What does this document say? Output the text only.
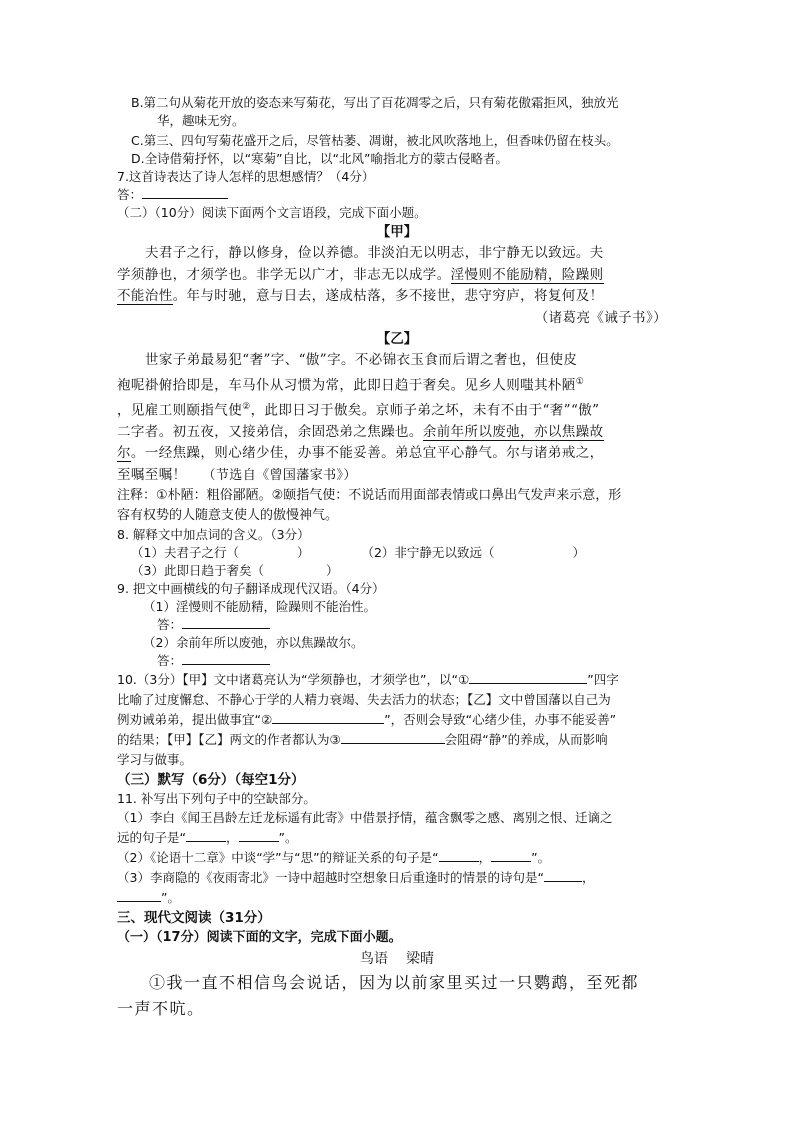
B.第二句从菊花开放的姿态来写菊花，写出了百花凋零之后，只有菊花傲霜拒风，独放光
华，趣味无穷。
C.第三、四句写菊花盛开之后，尽管枯萎、凋谢，被北风吹落地上，但香味仍留在枝头。
D.全诗借菊抒怀，以“寒菊”自比，以“北风”喻指北方的蒙古侵略者。
7.这首诗表达了诗人怎样的思想感情？（4分）
答：
（二）（10分）阅读下面两个文言语段，完成下面小题。
【甲】
夫君子之行，静以修身，俭以养德。非淡泊无以明志，非宁静无以致远。夫
学须静也，才须学也。非学无以广才，非志无以成学。淫慢则不能励精，险躁则
不能治性。年与时驰，意与日去，遂成枯落，多不接世，悲守穷庐，将复何及！
（诸葛亮《诫子书》）
【乙】
世家子弟最易犯“奢”字、“傲”字。不必锦衣玉食而后谓之奢也，但使皮
袍呢褂俯拾即是，车马仆从习惯为常，此即日趋于奢矣。见乡人则嗤其朴陋①
，见雇工则颐指气使②，此即日习于傲矣。京师子弟之坏，未有不由于“奢”“傲”
二字者。初五夜，又接弟信，余固恐弟之焦躁也。余前年所以废弛，亦以焦躁故
尔。一经焦躁，则心绪少佳，办事不能妥善。弟总宜平心静气。尔与诸弟戒之，
至嘱至嘱！ （节选自《曾国藩家书》）
注释：①朴陋：粗俗鄙陋。②颐指气使：不说话而用面部表情或口鼻出气发声来示意，形
容有权势的人随意支使人的傲慢神气。
8. 解释文中加点词的含义。（3分）
（1）夫君子之行（	）	（2）非宁静无以致远（	）
（3）此即日趋于奢矣（	）
9. 把文中画横线的句子翻译成现代汉语。（4分）
（1）淫慢则不能励精，险躁则不能治性。
答：
（2）余前年所以废弛，亦以焦躁故尔。
答：
10.（3分）【甲】文中诸葛亮认为“学须静也，才须学也”，以“①	”四字
比喻了过度懈怠、不静心于学的人精力衰竭、失去活力的状态；【乙】文中曾国藩以自己为
例劝诫弟弟，提出做事宜“②	”，否则会导致“心绪少佳，办事不能妥善”
的结果；【甲】【乙】两文的作者都认为③	会阻碍“静”的养成，从而影响
学习与做事。
（三）默写（6分）（每空1分）
11. 补写出下列句子中的空缺部分。
（1）李白《闻王昌龄左迁龙标遥有此寄》中借景抒情，蕴含飘零之感、离别之恨、迁谪之
远的句子是“	，	”。
（2）《论语十二章》中谈“学”与“思”的辩证关系的句子是“	，	”。
（3）李商隐的《夜雨寄北》一诗中超越时空想象日后重逢时的情景的诗句是“	，
”。
三、现代文阅读（31分）
（一）（17分）阅读下面的文字，完成下面小题。
鸟语 梁晴
①我一直不相信鸟会说话，因为以前家里买过一只鹦鹉，至死都
一声不吭。
